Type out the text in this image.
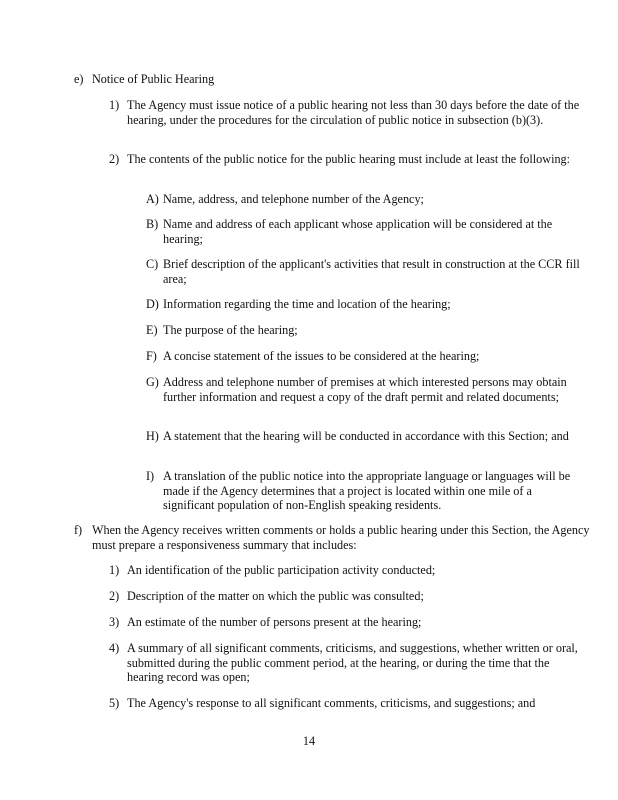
e) Notice of Public Hearing
1) The Agency must issue notice of a public hearing not less than 30 days before the date of the hearing, under the procedures for the circulation of public notice in subsection (b)(3).
2) The contents of the public notice for the public hearing must include at least the following:
A) Name, address, and telephone number of the Agency;
B) Name and address of each applicant whose application will be considered at the hearing;
C) Brief description of the applicant's activities that result in construction at the CCR fill area;
D) Information regarding the time and location of the hearing;
E) The purpose of the hearing;
F) A concise statement of the issues to be considered at the hearing;
G) Address and telephone number of premises at which interested persons may obtain further information and request a copy of the draft permit and related documents;
H) A statement that the hearing will be conducted in accordance with this Section; and
I) A translation of the public notice into the appropriate language or languages will be made if the Agency determines that a project is located within one mile of a significant population of non-English speaking residents.
f) When the Agency receives written comments or holds a public hearing under this Section, the Agency must prepare a responsiveness summary that includes:
1) An identification of the public participation activity conducted;
2) Description of the matter on which the public was consulted;
3) An estimate of the number of persons present at the hearing;
4) A summary of all significant comments, criticisms, and suggestions, whether written or oral, submitted during the public comment period, at the hearing, or during the time that the hearing record was open;
5) The Agency's response to all significant comments, criticisms, and suggestions; and
14
